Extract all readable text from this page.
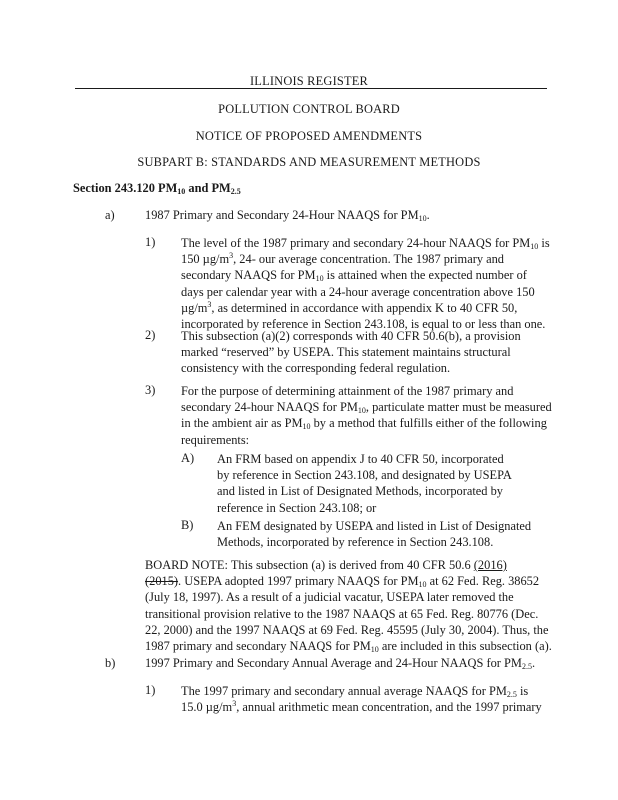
ILLINOIS REGISTER
POLLUTION CONTROL BOARD
NOTICE OF PROPOSED AMENDMENTS
SUBPART B: STANDARDS AND MEASUREMENT METHODS
Section 243.120 $PM_{10}$ and $PM_{2.5}$
a) 1987 Primary and Secondary 24-Hour NAAQS for $PM_{10}$.
1) The level of the 1987 primary and secondary 24-hour NAAQS for $PM_{10}$ is
150 $\mu g/m^3$, 24- our average concentration. The 1987 primary and
secondary NAAQS for $PM_{10}$ is attained when the expected number of
days per calendar year with a 24-hour average concentration above 150
$\mu g/m^3$, as determined in accordance with appendix K to 40 CFR 50,
incorporated by reference in Section 243.108, is equal to or less than one.
2) This subsection (a)(2) corresponds with 40 CFR 50.6(b), a provision
marked “reserved” by USEPA. This statement maintains structural
consistency with the corresponding federal regulation.
3) For the purpose of determining attainment of the 1987 primary and
secondary 24-hour NAAQS for $PM_{10}$, particulate matter must be measured
in the ambient air as $PM_{10}$ by a method that fulfills either of the following
requirements:
A) An FRM based on appendix J to 40 CFR 50, incorporated
by reference in Section 243.108, and designated by USEPA
and listed in List of Designated Methods, incorporated by
reference in Section 243.108; or
B) An FEM designated by USEPA and listed in List of Designated
Methods, incorporated by reference in Section 243.108.
BOARD NOTE: This subsection (a) is derived from 40 CFR 50.6 (2016)
(2015). USEPA adopted 1997 primary NAAQS for $PM_{10}$ at 62 Fed. Reg. 38652
(July 18, 1997). As a result of a judicial vacatur, USEPA later removed the
transitional provision relative to the 1987 NAAQS at 65 Fed. Reg. 80776 (Dec.
22, 2000) and the 1997 NAAQS at 69 Fed. Reg. 45595 (July 30, 2004). Thus, the
1987 primary and secondary NAAQS for $PM_{10}$ are included in this subsection (a).
b) 1997 Primary and Secondary Annual Average and 24-Hour NAAQS for $PM_{2.5}$.
1) The 1997 primary and secondary annual average NAAQS for $PM_{2.5}$ is
15.0 $\mu g/m^3$, annual arithmetic mean concentration, and the 1997 primary
